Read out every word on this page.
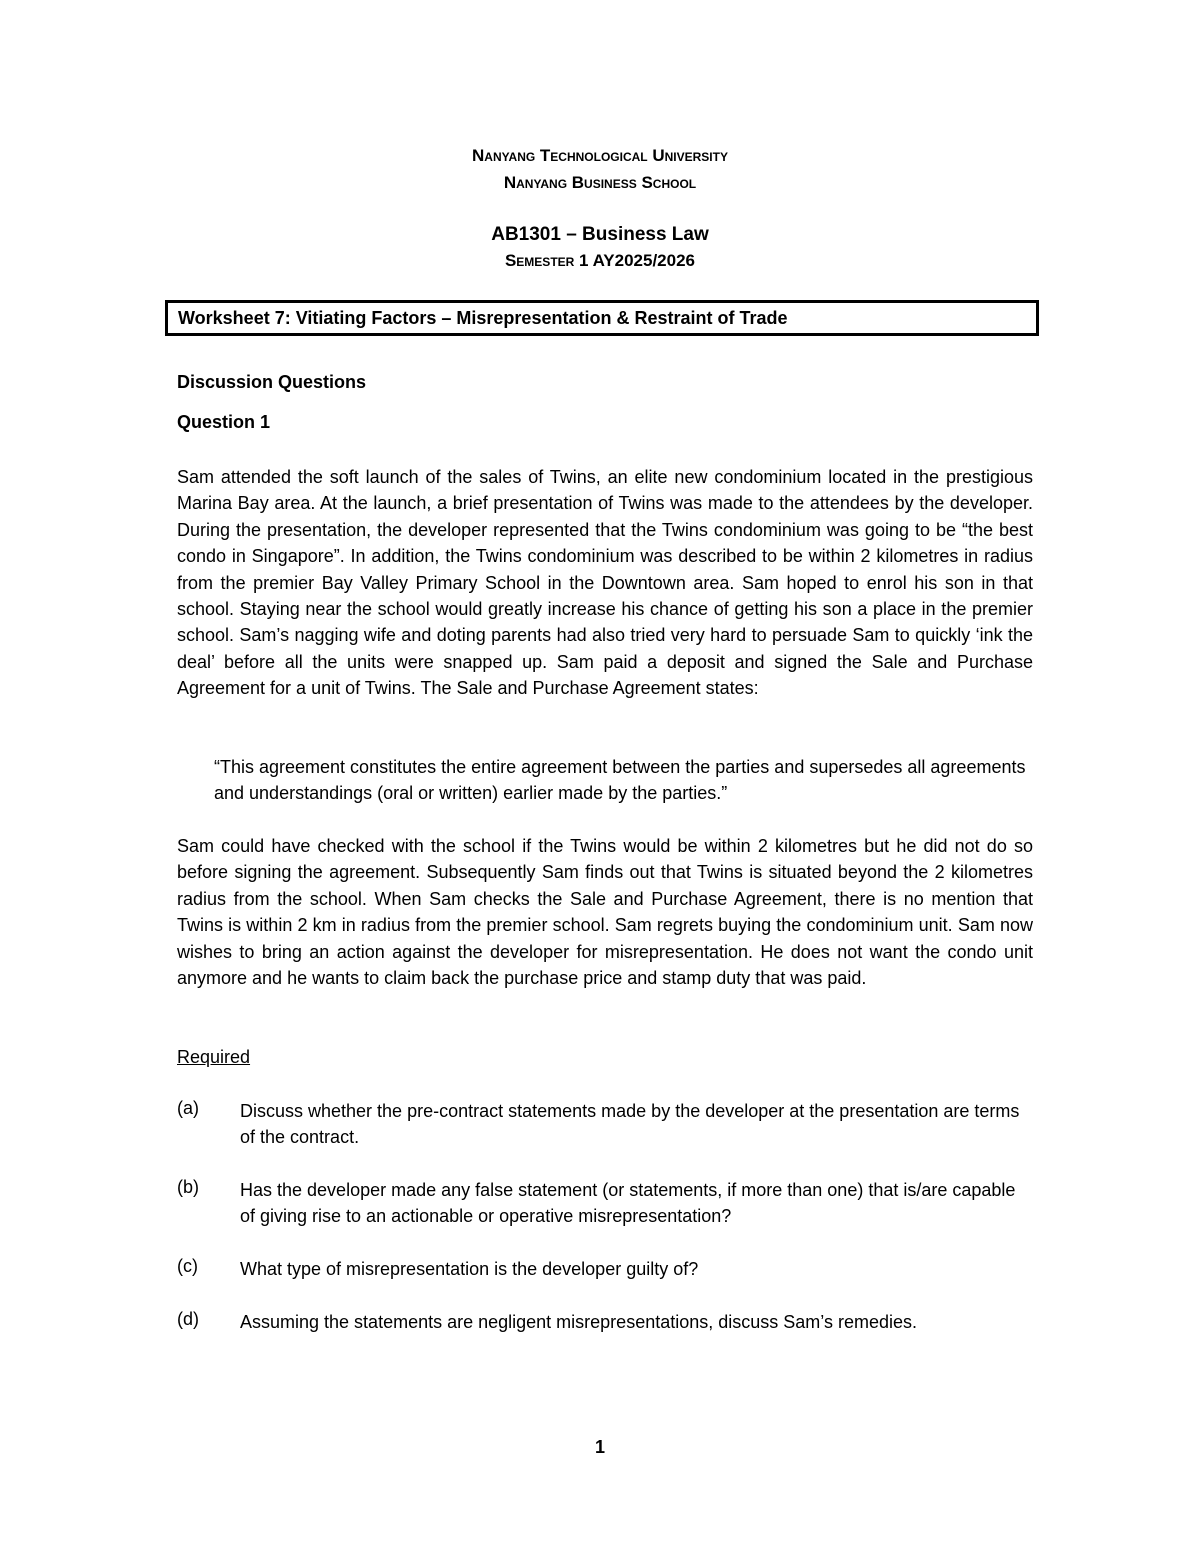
Nanyang Technological University
Nanyang Business School
AB1301 – Business Law
Semester 1 AY2025/2026
Worksheet 7: Vitiating Factors – Misrepresentation & Restraint of Trade
Discussion Questions
Question 1

Sam attended the soft launch of the sales of Twins, an elite new condominium located in the prestigious Marina Bay area. At the launch, a brief presentation of Twins was made to the attendees by the developer. During the presentation, the developer represented that the Twins condominium was going to be “the best condo in Singapore”. In addition, the Twins condominium was described to be within 2 kilometres in radius from the premier Bay Valley Primary School in the Downtown area. Sam hoped to enrol his son in that school. Staying near the school would greatly increase his chance of getting his son a place in the premier school. Sam’s nagging wife and doting parents had also tried very hard to persuade Sam to quickly ‘ink the deal’ before all the units were snapped up. Sam paid a deposit and signed the Sale and Purchase Agreement for a unit of Twins. The Sale and Purchase Agreement states:

“This agreement constitutes the entire agreement between the parties and supersedes all agreements and understandings (oral or written) earlier made by the parties.”

Sam could have checked with the school if the Twins would be within 2 kilometres but he did not do so before signing the agreement. Subsequently Sam finds out that Twins is situated beyond the 2 kilometres radius from the school. When Sam checks the Sale and Purchase Agreement, there is no mention that Twins is within 2 km in radius from the premier school. Sam regrets buying the condominium unit. Sam now wishes to bring an action against the developer for misrepresentation. He does not want the condo unit anymore and he wants to claim back the purchase price and stamp duty that was paid.

Required
(a) Discuss whether the pre-contract statements made by the developer at the presentation are terms of the contract.

(b) Has the developer made any false statement (or statements, if more than one) that is/are capable of giving rise to an actionable or operative misrepresentation?

(c) What type of misrepresentation is the developer guilty of?

(d) Assuming the statements are negligent misrepresentations, discuss Sam’s remedies.

1
